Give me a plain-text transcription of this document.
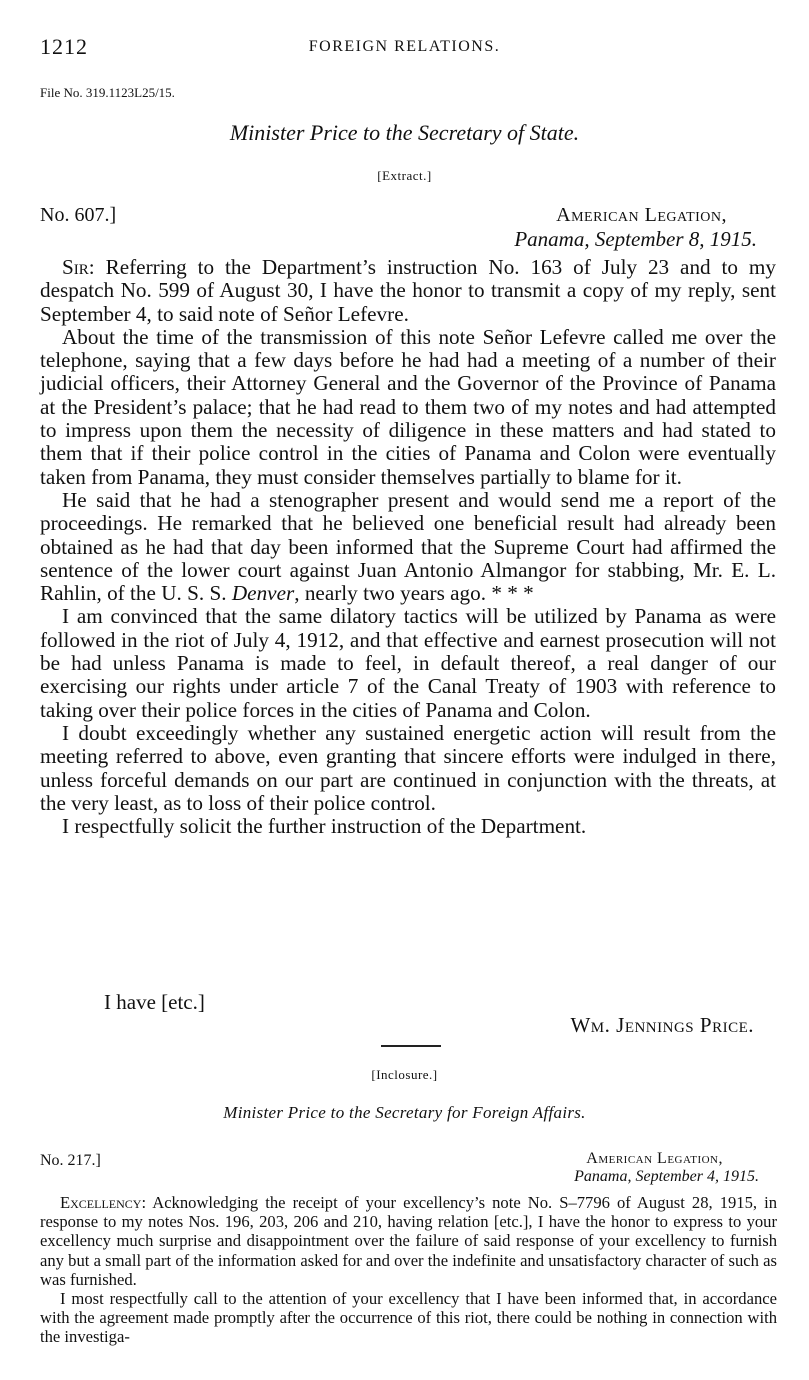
1212	FOREIGN RELATIONS.
File No. 319.1123L25/15.
Minister Price to the Secretary of State.
[Extract.]
No. 607.]	American Legation,
Panama, September 8, 1915.

Sir: Referring to the Department’s instruction No. 163 of July 23 and to my despatch No. 599 of August 30, I have the honor to transmit a copy of my reply, sent September 4, to said note of Señor Lefevre.

About the time of the transmission of this note Señor Lefevre called me over the telephone, saying that a few days before he had had a meeting of a number of their judicial officers, their Attorney General and the Governor of the Province of Panama at the President’s palace; that he had read to them two of my notes and had attempted to impress upon them the necessity of diligence in these matters and had stated to them that if their police control in the cities of Panama and Colon were eventually taken from Panama, they must consider themselves partially to blame for it.

He said that he had a stenographer present and would send me a report of the proceedings. He remarked that he believed one beneficial result had already been obtained as he had that day been informed that the Supreme Court had affirmed the sentence of the lower court against Juan Antonio Almangor for stabbing, Mr. E. L. Rahlin, of the U. S. S. Denver, nearly two years ago. * * *

I am convinced that the same dilatory tactics will be utilized by Panama as were followed in the riot of July 4, 1912, and that effective and earnest prosecution will not be had unless Panama is made to feel, in default thereof, a real danger of our exercising our rights under article 7 of the Canal Treaty of 1903 with reference to taking over their police forces in the cities of Panama and Colon.

I doubt exceedingly whether any sustained energetic action will result from the meeting referred to above, even granting that sincere efforts were indulged in there, unless forceful demands on our part are continued in conjunction with the threats, at the very least, as to loss of their police control.

I respectfully solicit the further instruction of the Department.

I have [etc.]
Wm. Jennings Price.
[Inclosure.]
Minister Price to the Secretary for Foreign Affairs.
No. 217.]	American Legation,
Panama, September 4, 1915.

Excellency: Acknowledging the receipt of your excellency’s note No. S–7796 of August 28, 1915, in response to my notes Nos. 196, 203, 206 and 210, having relation [etc.], I have the honor to express to your excellency much surprise and disappointment over the failure of said response of your excellency to furnish any but a small part of the information asked for and over the indefinite and unsatisfactory character of such as was furnished.

I most respectfully call to the attention of your excellency that I have been informed that, in accordance with the agreement made promptly after the occurrence of this riot, there could be nothing in connection with the investiga-
